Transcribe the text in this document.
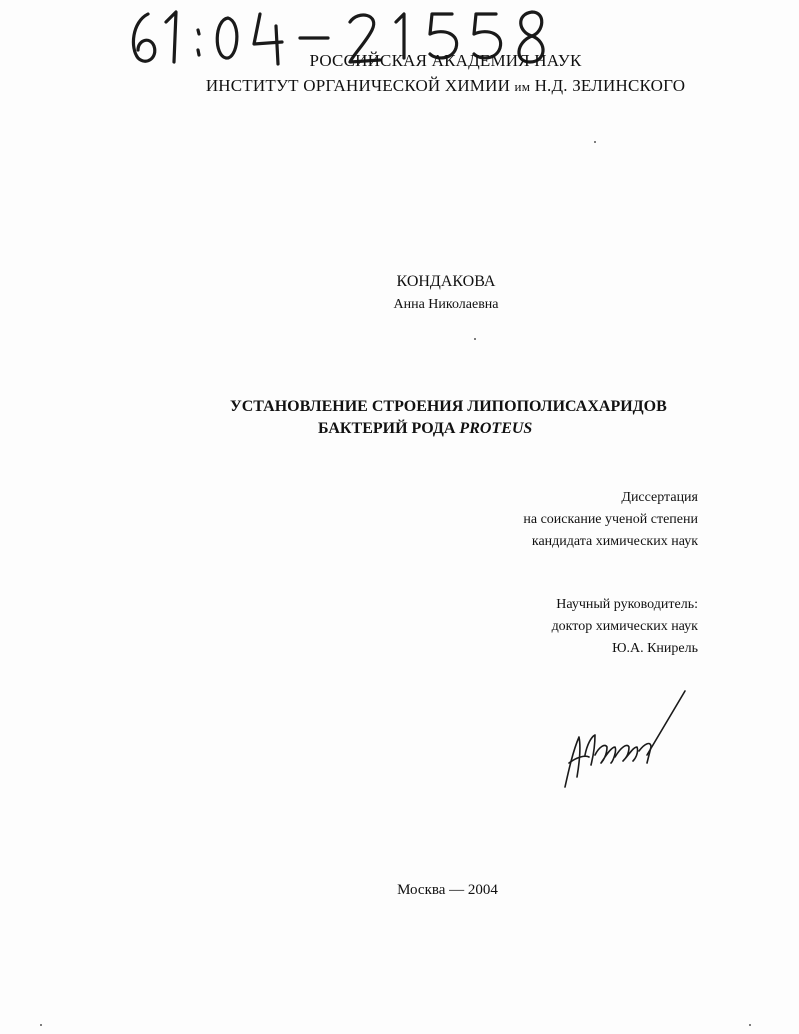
РОССИЙСКАЯ АКАДЕМИЯ НАУК
ИНСТИТУТ ОРГАНИЧЕСКОЙ ХИМИИ им Н.Д. ЗЕЛИНСКОГО
КОНДАКОВА
Анна Николаевна
УСТАНОВЛЕНИЕ СТРОЕНИЯ ЛИПОПОЛИСАХАРИДОВ
БАКТЕРИЙ РОДА PROTEUS
Диссертация
на соискание ученой степени
кандидата химических наук
Научный руководитель:
доктор химических наук
Ю.А. Книрель
Москва — 2004
